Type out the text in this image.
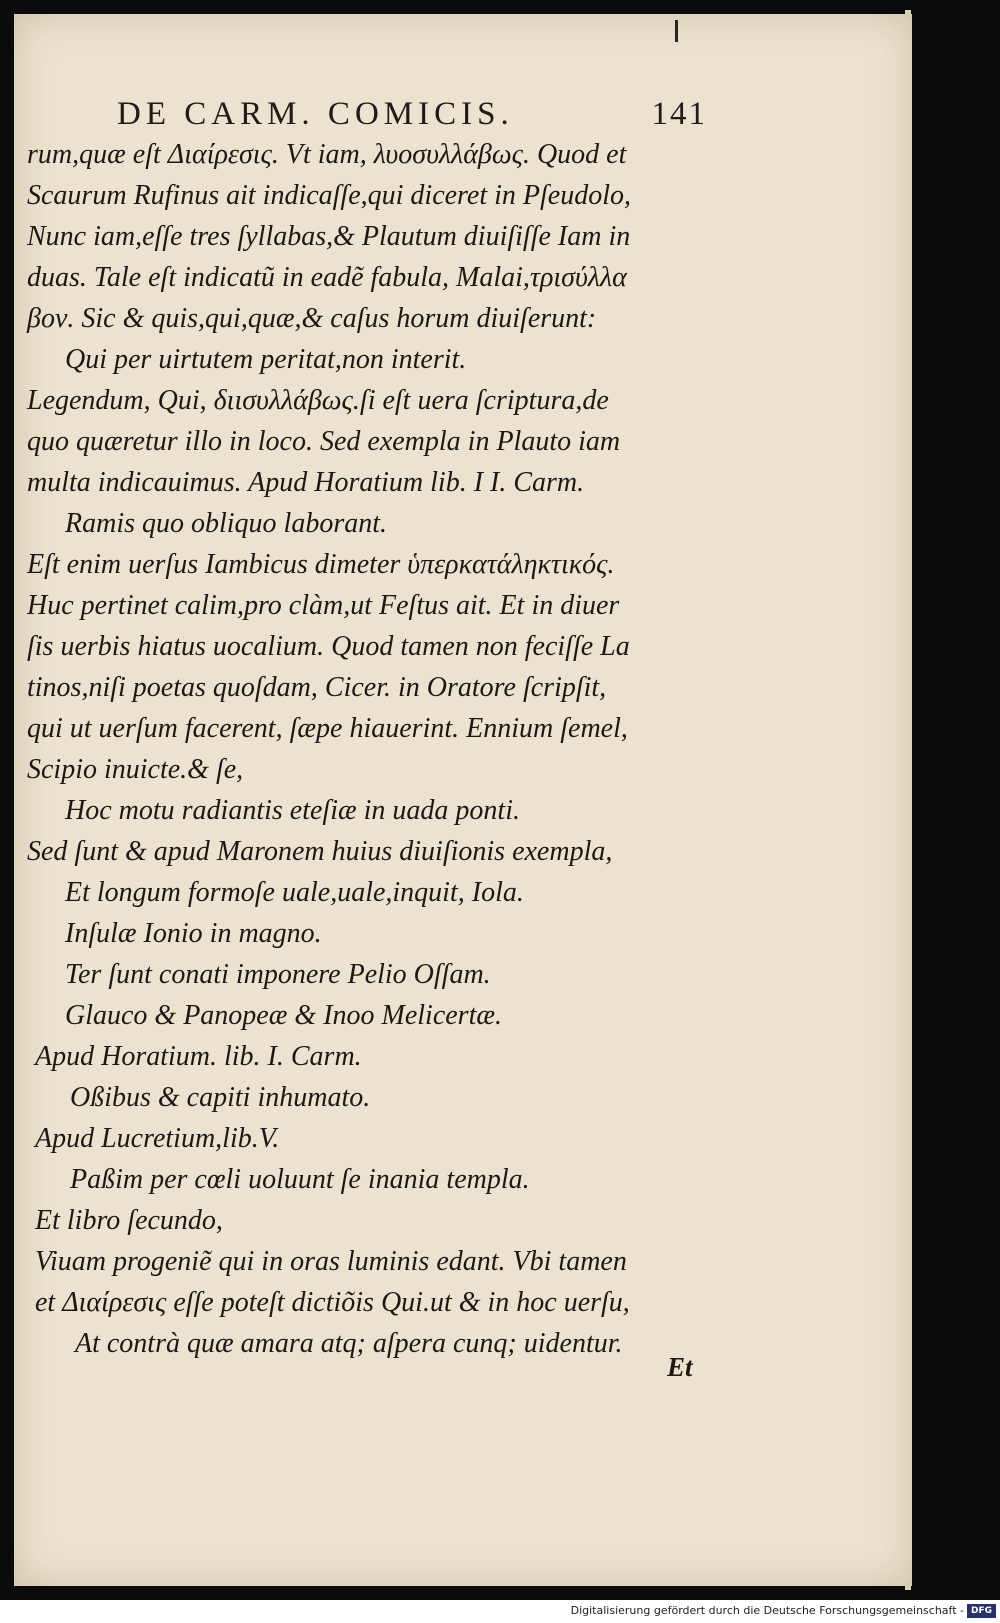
DE CARM. COMICIS.	141
rum,quæ eſt Διαίρεσις. Vt iam, λυοσυλλάβως. Quod et
Scaurum Rufinus ait indicaſſe,qui diceret in Pſeudolo,
Nunc iam,eſſe tres ſyllabas,& Plautum diuiſiſſe Iam in
duas. Tale eſt indicatũ in eadẽ fabula, Malai,τρισύλλα
βον. Sic & quis,qui,quæ,& caſus horum diuiſerunt:
Qui per uirtutem peritat,non interit.
Legendum, Qui, διισυλλάβως.ſi eſt uera ſcriptura,de
quo quæretur illo in loco. Sed exempla in Plauto iam
multa indicauimus. Apud Horatium lib. I I. Carm.
Ramis quo obliquo laborant.
Eſt enim uerſus Iambicus dimeter ὑπερκατάληκτικός.
Huc pertinet calim,pro clàm,ut Feſtus ait. Et in diuer
ſis uerbis hiatus uocalium. Quod tamen non feciſſe La
tinos,niſi poetas quoſdam, Cicer. in Oratore ſcripſit,
qui ut uerſum facerent, ſæpe hiauerint. Ennium ſemel,
Scipio inuicte.& ſe,
Hoc motu radiantis eteſiæ in uada ponti.
Sed ſunt & apud Maronem huius diuiſionis exempla,
Et longum formoſe uale,uale,inquit, Iola.
Inſulæ Ionio in magno.
Ter ſunt conati imponere Pelio Oſſam.
Glauco & Panopeæ & Inoo Melicertæ.
Apud Horatium. lib. I. Carm.
Oßibus & capiti inhumato.
Apud Lucretium,lib.V.
Paßim per cœli uoluunt ſe inania templa.
Et libro ſecundo,
Viuam progeniẽ qui in oras luminis edant. Vbi tamen
et Διαίρεσις eſſe poteſt dictiõis Qui.ut & in hoc uerſu,
At contrà quæ amara atq; aſpera cunq; uidentur.
Et
Digitalisierung gefördert durch die Deutsche Forschungsgemeinschaft - DFG
